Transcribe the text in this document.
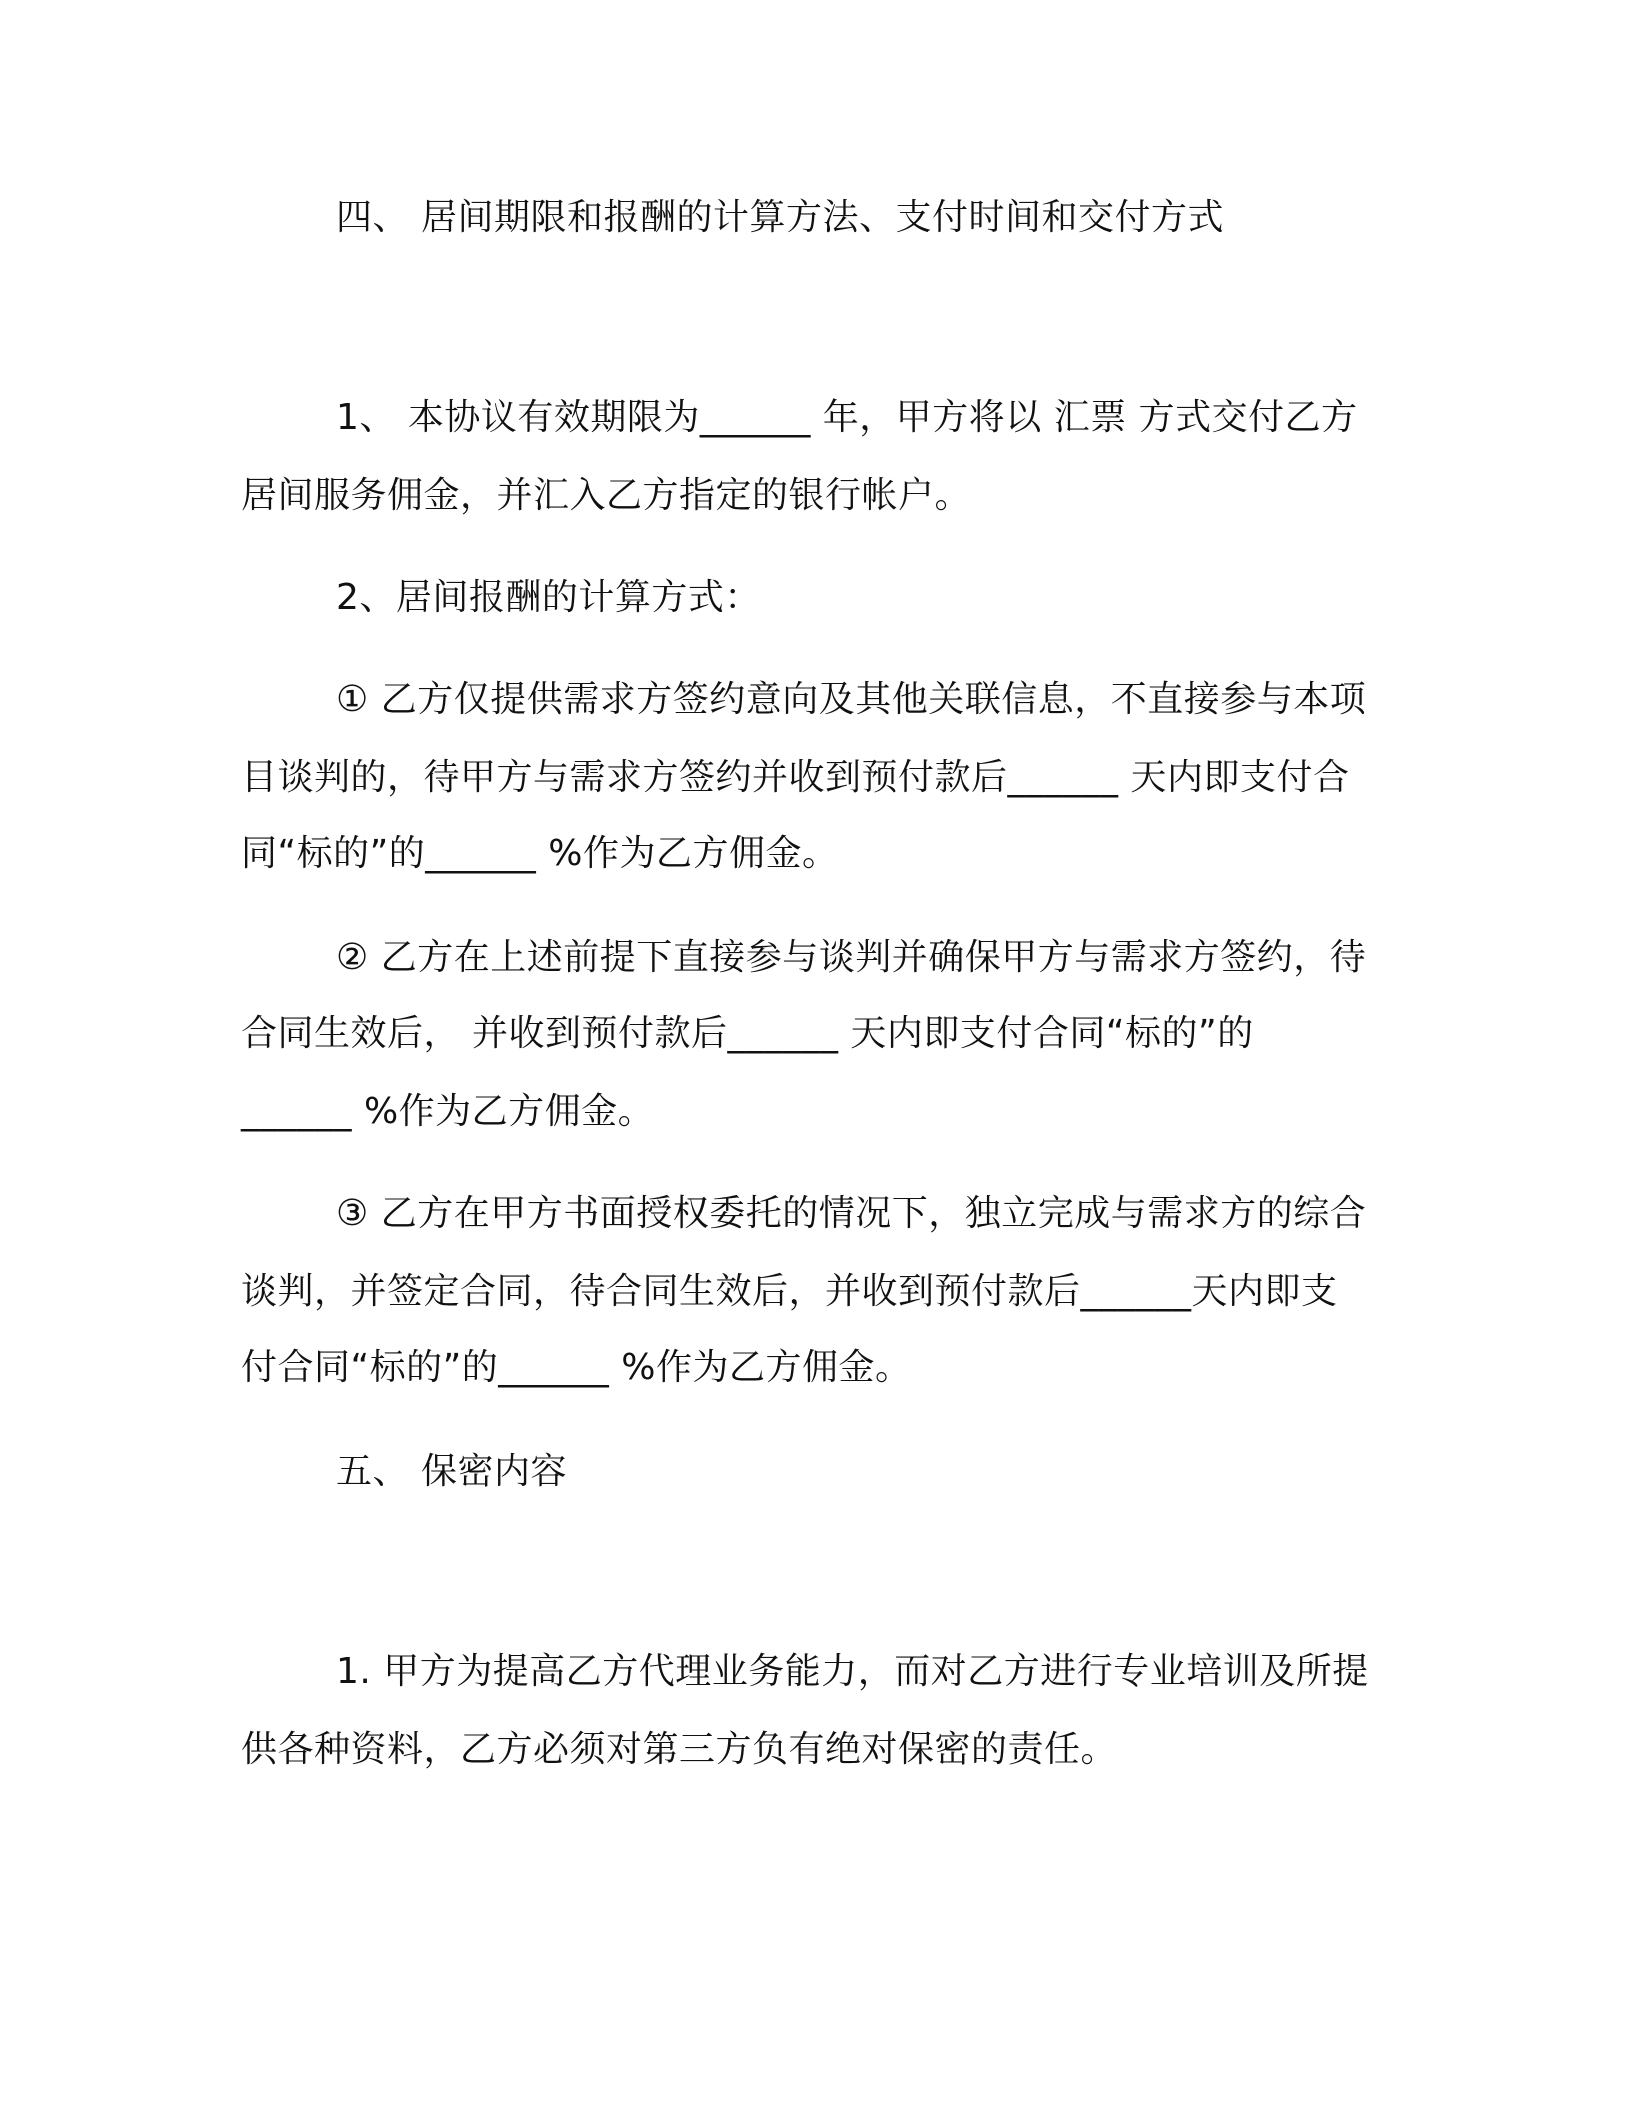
四、 居间期限和报酬的计算方法、支付时间和交付方式
1、 本协议有效期限为______ 年，甲方将以 汇票 方式交付乙方
居间服务佣金，并汇入乙方指定的银行帐户。
2、居间报酬的计算方式：
① 乙方仅提供需求方签约意向及其他关联信息，不直接参与本项
目谈判的，待甲方与需求方签约并收到预付款后______ 天内即支付合
同“标的”的______ %作为乙方佣金。
② 乙方在上述前提下直接参与谈判并确保甲方与需求方签约，待
合同生效后， 并收到预付款后______ 天内即支付合同“标的”的
______ %作为乙方佣金。
③ 乙方在甲方书面授权委托的情况下，独立完成与需求方的综合
谈判，并签定合同，待合同生效后，并收到预付款后______天内即支
付合同“标的”的______ %作为乙方佣金。
五、 保密内容
1. 甲方为提高乙方代理业务能力，而对乙方进行专业培训及所提
供各种资料，乙方必须对第三方负有绝对保密的责任。
